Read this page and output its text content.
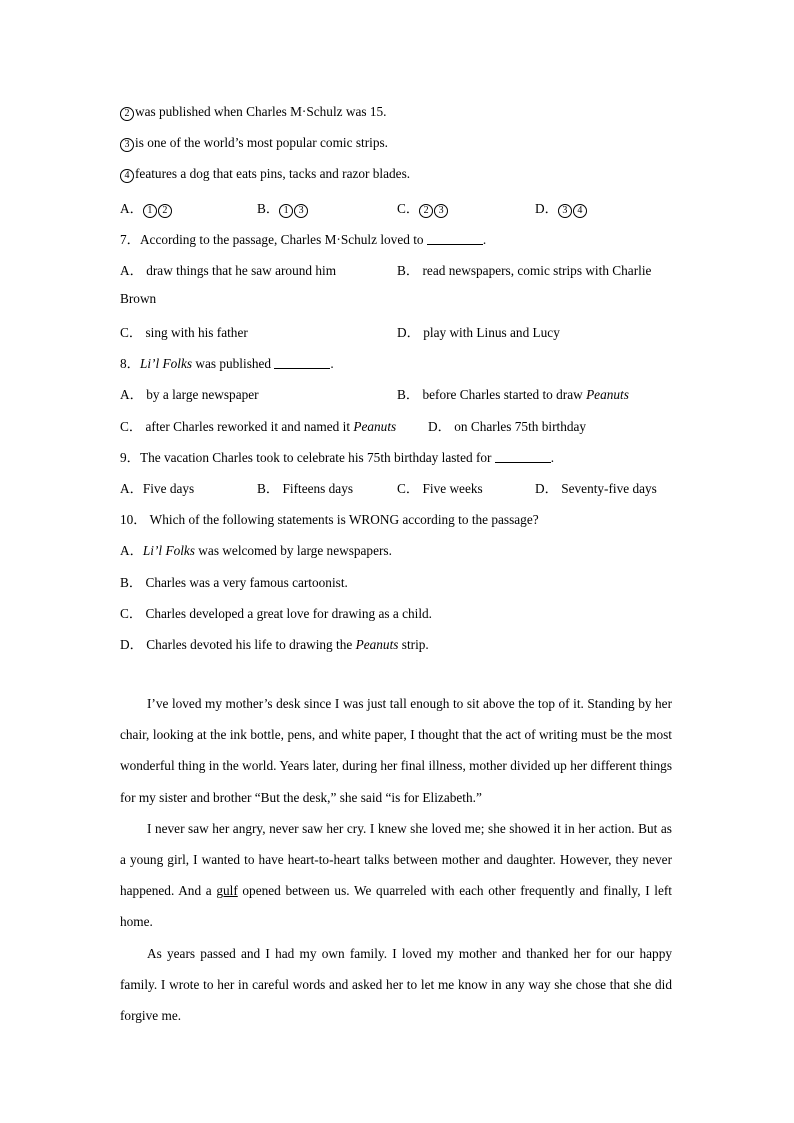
2 was published when Charles M·Schulz was 15.
3 is one of the world’s most popular comic strips.
4 features a dog that eats pins, tacks and razor blades.
A． 1 2	B． 1 3	C． 2 3	D． 3 4
7．According to the passage, Charles M·Schulz loved to	.
A． draw things that he saw around him	B． read newspapers, comic strips with Charlie
Brown
C． sing with his father	D． play with Linus and Lucy
8．Li’l Folks was published	.
A． by a large newspaper	B． before Charles started to draw Peanuts
C． after Charles reworked it and named it Peanuts D． on Charles 75th birthday
9．The vacation Charles took to celebrate his 75th birthday lasted for	.
A．Five days	B． Fifteens days	C． Five weeks	D． Seventy-five days
10． Which of the following statements is WRONG according to the passage?
A．Li’l Folks was welcomed by large newspapers.
B． Charles was a very famous cartoonist.
C． Charles developed a great love for drawing as a child.
D． Charles devoted his life to drawing the Peanuts strip.

I’ve loved my mother’s desk since I was just tall enough to sit above the top of it. Standing by her chair, looking at the ink bottle, pens, and white paper, I thought that the act of writing must be the most wonderful thing in the world. Years later, during her final illness, mother divided up her different things for my sister and brother “But the desk,” she said “is for Elizabeth.”

I never saw her angry, never saw her cry. I knew she loved me; she showed it in her action. But as a young girl, I wanted to have heart-to-heart talks between mother and daughter. However, they never happened. And a gulf opened between us. We quarreled with each other frequently and finally, I left home.

As years passed and I had my own family. I loved my mother and thanked her for our happy family. I wrote to her in careful words and asked her to let me know in any way she chose that she did forgive me.
